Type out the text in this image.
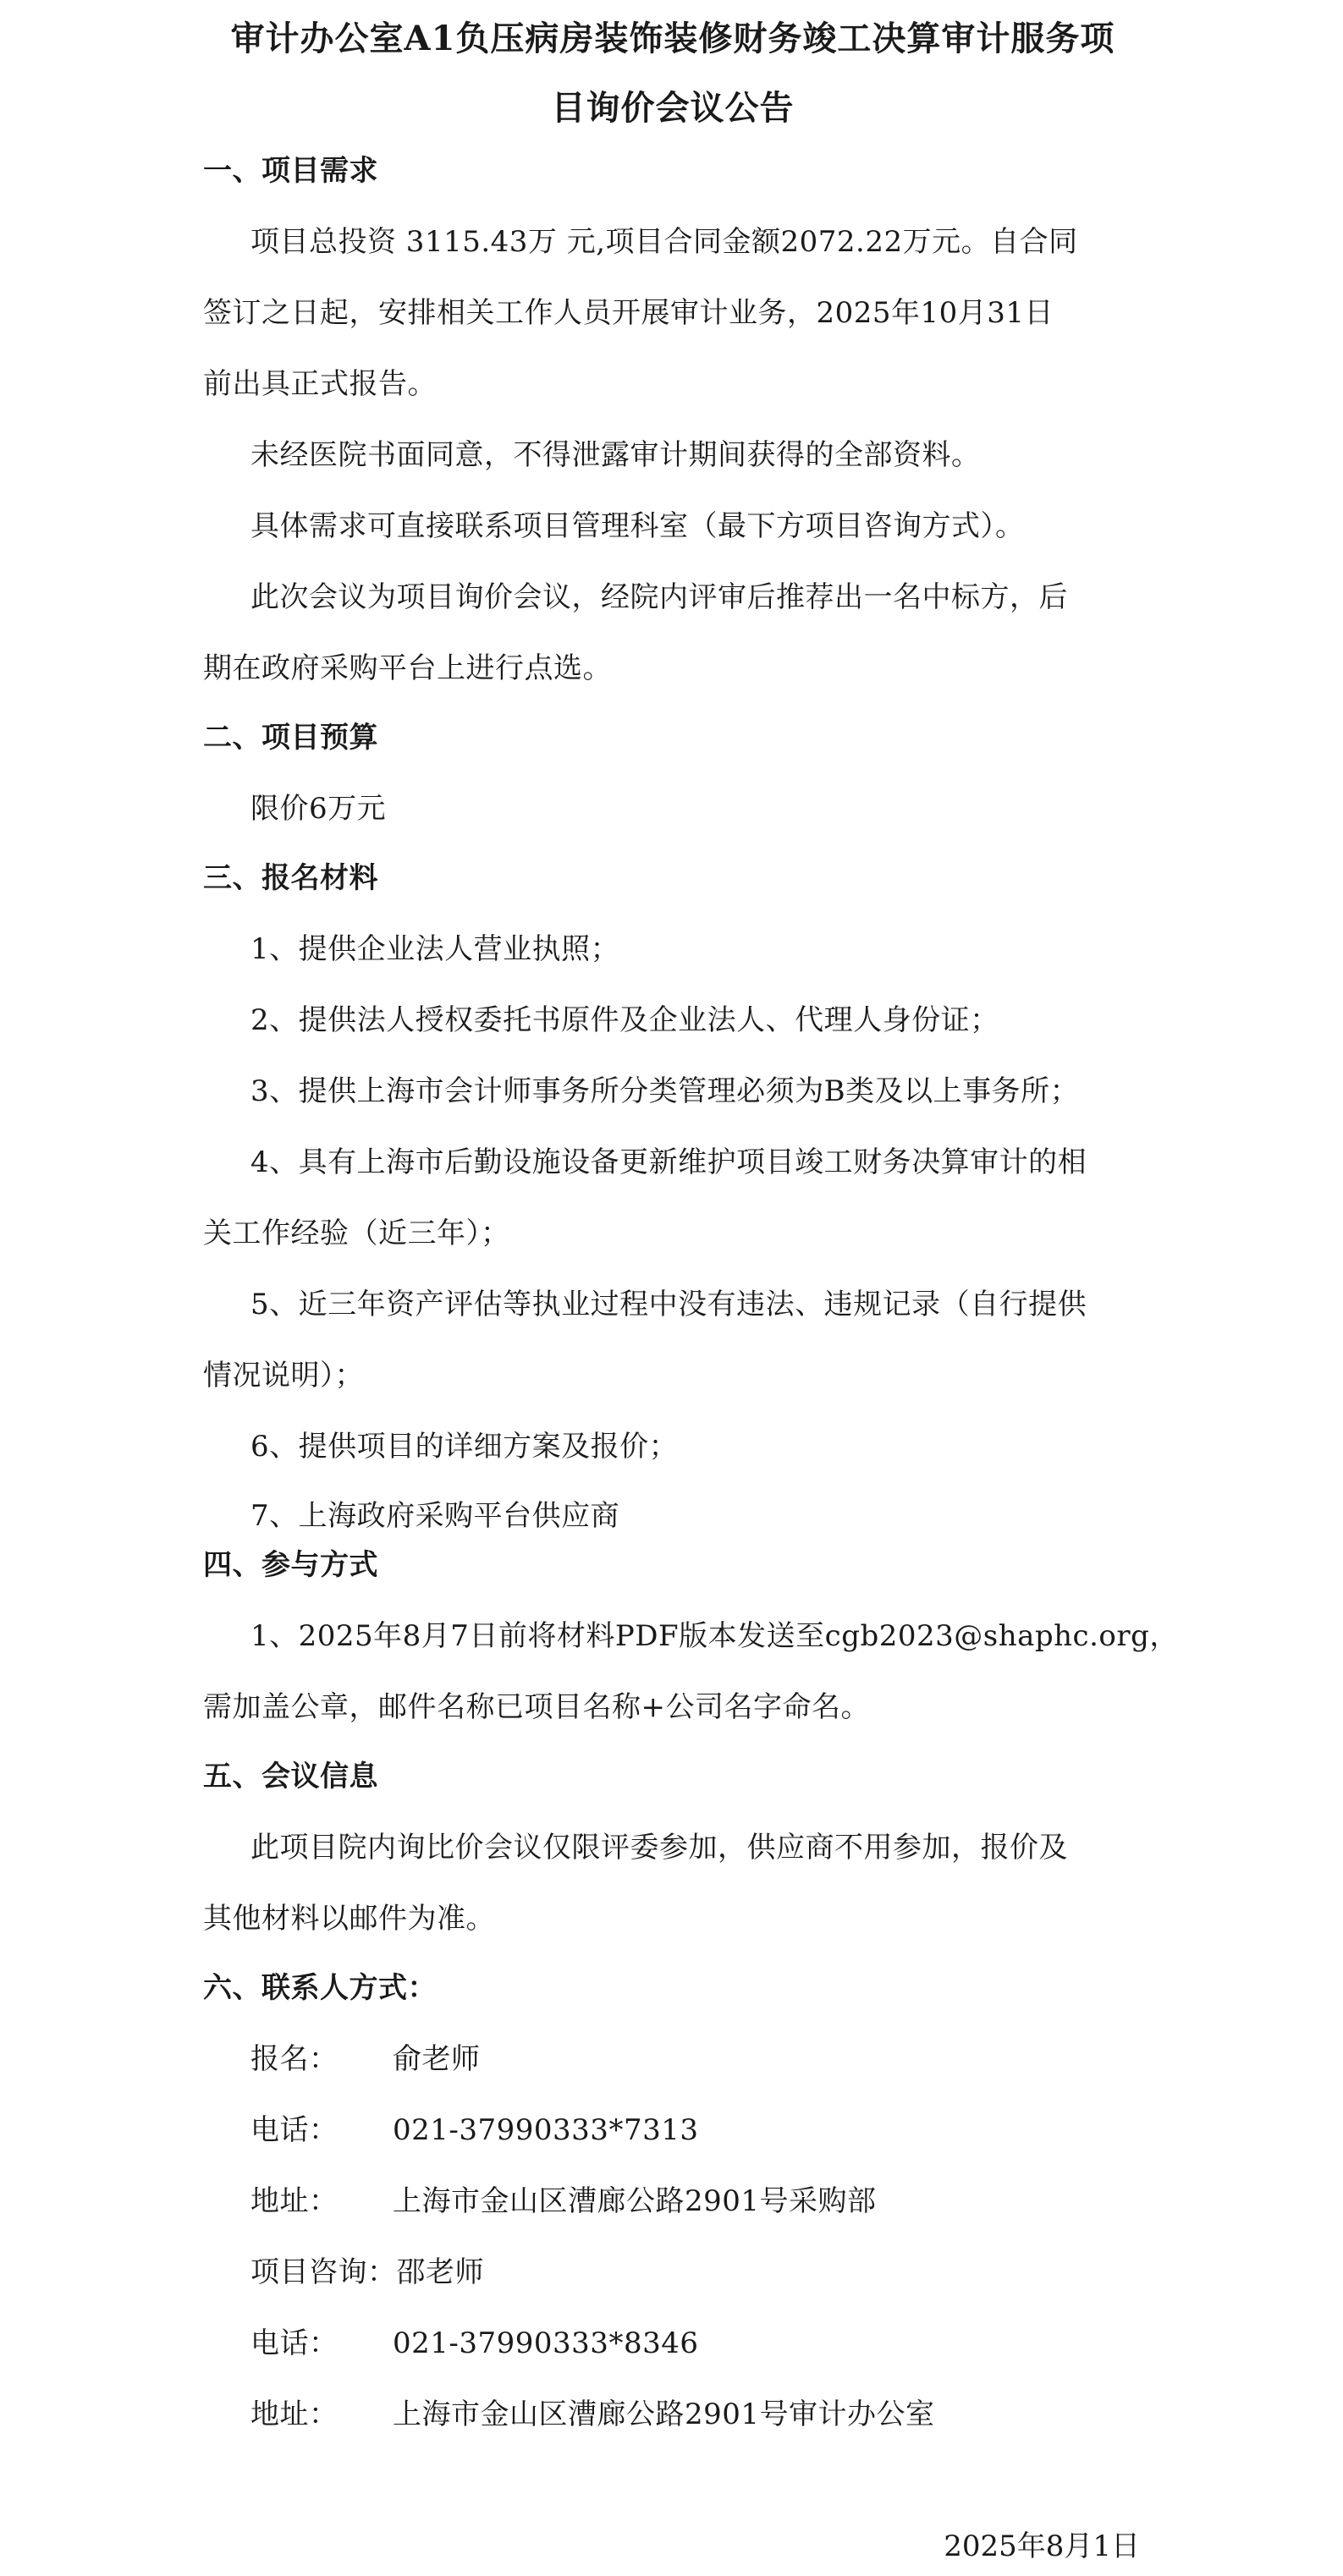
审计办公室A1负压病房装饰装修财务竣工决算审计服务项
目询价会议公告
一、项目需求
项目总投资 3115.43万 元,项目合同金额2072.22万元。自合同
签订之日起，安排相关工作人员开展审计业务，2025年10月31日
前出具正式报告。
未经医院书面同意，不得泄露审计期间获得的全部资料。
具体需求可直接联系项目管理科室（最下方项目咨询方式）。
此次会议为项目询价会议，经院内评审后推荐出一名中标方，后
期在政府采购平台上进行点选。
二、项目预算
限价6万元
三、报名材料
1、提供企业法人营业执照；
2、提供法人授权委托书原件及企业法人、代理人身份证；
3、提供上海市会计师事务所分类管理必须为B类及以上事务所；
4、具有上海市后勤设施设备更新维护项目竣工财务决算审计的相
关工作经验（近三年）；
5、近三年资产评估等执业过程中没有违法、违规记录（自行提供
情况说明）；
6、提供项目的详细方案及报价；
7、上海政府采购平台供应商
四、参与方式
1、2025年8月7日前将材料PDF版本发送至cgb2023@shaphc.org，
需加盖公章，邮件名称已项目名称+公司名字命名。
五、会议信息
此项目院内询比价会议仅限评委参加，供应商不用参加，报价及
其他材料以邮件为准。
六、联系人方式：
报名： 俞老师
电话： 021-37990333*7313
地址： 上海市金山区漕廊公路2901号采购部
项目咨询：邵老师
电话： 021-37990333*8346
地址： 上海市金山区漕廊公路2901号审计办公室
2025年8月1日
